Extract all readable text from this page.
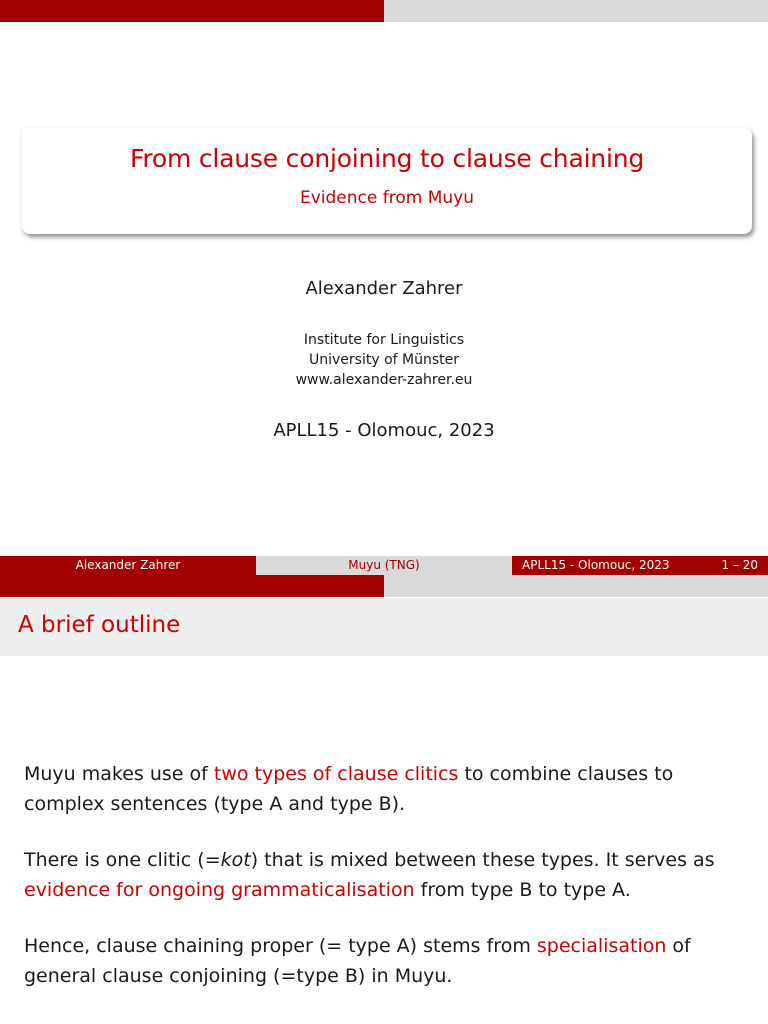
From clause conjoining to clause chaining
Evidence from Muyu
Alexander Zahrer
Institute for Linguistics
University of Münster
www.alexander-zahrer.eu
APLL15 - Olomouc, 2023
Alexander Zahrer	Muyu (TNG)	APLL15 - Olomouc, 2023	1 – 20
A brief outline
Muyu makes use of two types of clause clitics to combine clauses to complex sentences (type A and type B).
There is one clitic (=kot) that is mixed between these types. It serves as evidence for ongoing grammaticalisation from type B to type A.
Hence, clause chaining proper (= type A) stems from specialisation of general clause conjoining (=type B) in Muyu.
